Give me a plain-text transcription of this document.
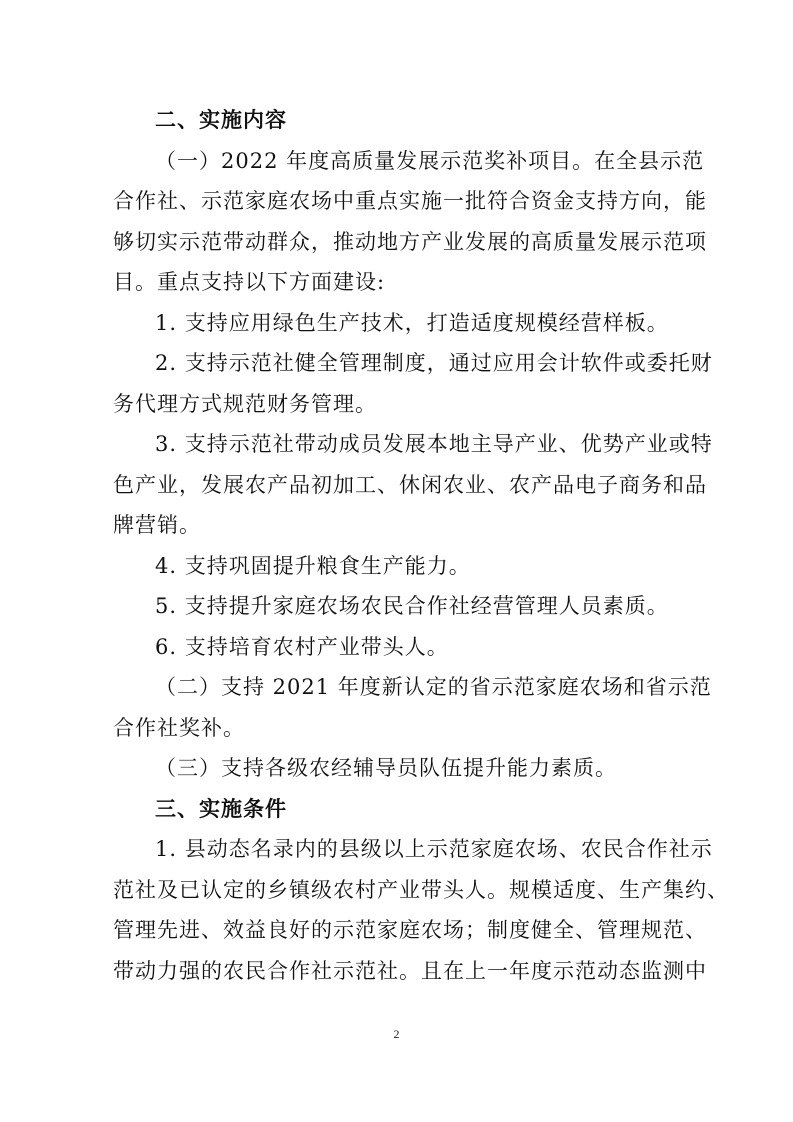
二、实施内容
（一）2022 年度高质量发展示范奖补项目。在全县示范
合作社、示范家庭农场中重点实施一批符合资金支持方向，能
够切实示范带动群众，推动地方产业发展的高质量发展示范项
目。重点支持以下方面建设:
1. 支持应用绿色生产技术，打造适度规模经营样板。
2. 支持示范社健全管理制度，通过应用会计软件或委托财
务代理方式规范财务管理。
3. 支持示范社带动成员发展本地主导产业、优势产业或特
色产业，发展农产品初加工、休闲农业、农产品电子商务和品
牌营销。
4. 支持巩固提升粮食生产能力。
5. 支持提升家庭农场农民合作社经营管理人员素质。
6. 支持培育农村产业带头人。
（二）支持 2021 年度新认定的省示范家庭农场和省示范
合作社奖补。
（三）支持各级农经辅导员队伍提升能力素质。
三、实施条件
1. 县动态名录内的县级以上示范家庭农场、农民合作社示
范社及已认定的乡镇级农村产业带头人。规模适度、生产集约、
管理先进、效益良好的示范家庭农场；制度健全、管理规范、
带动力强的农民合作社示范社。且在上一年度示范动态监测中
2
